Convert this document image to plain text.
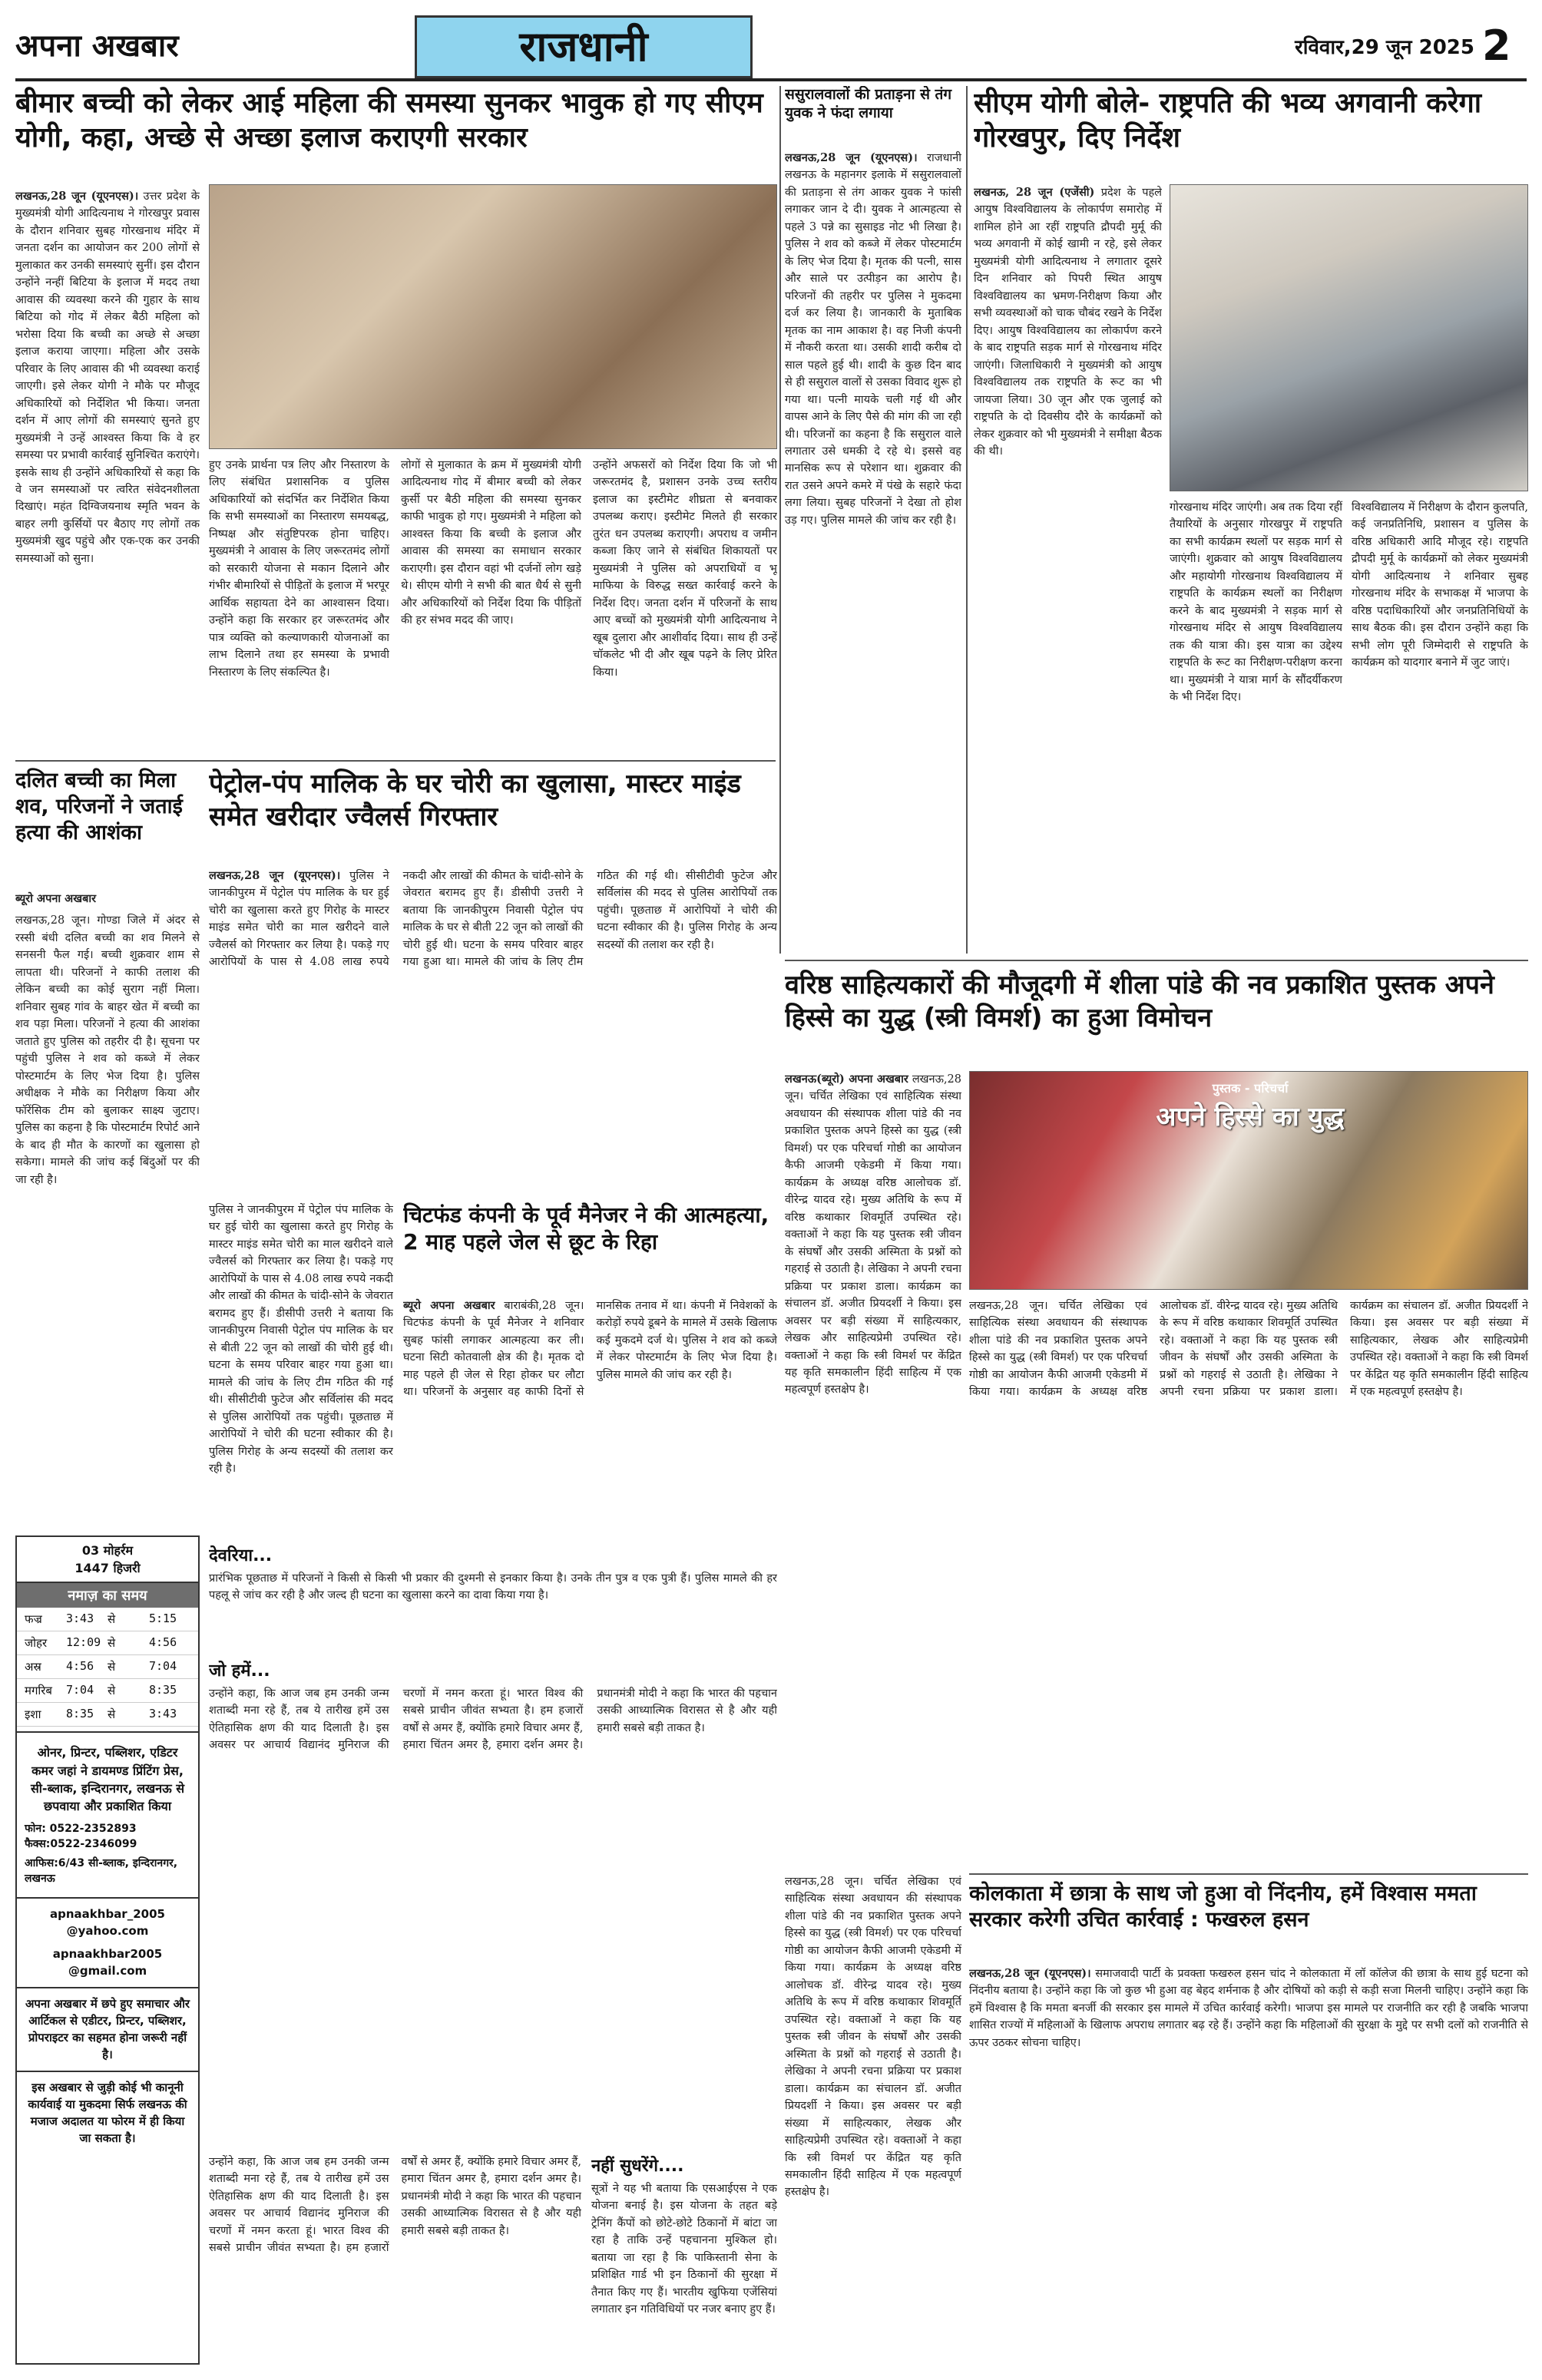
अपना अखबार	राजधानी	रविवार,29 जून 2025 2
बीमार बच्ची को लेकर आई महिला की समस्या सुनकर भावुक हो गए सीएम योगी, कहा, अच्छे से अच्छा इलाज कराएगी सरकार

लखनऊ,28 जून (यूएनएस)। उत्तर प्रदेश के मुख्यमंत्री योगी आदित्यनाथ ने गोरखपुर प्रवास के दौरान शनिवार सुबह गोरखनाथ मंदिर में जनता दर्शन का आयोजन कर 200 लोगों से मुलाकात कर उनकी समस्याएं सुनीं। इस दौरान उन्होंने नन्हीं बिटिया के इलाज में मदद तथा आवास की व्यवस्था करने की गुहार के साथ बिटिया को गोद में लेकर बैठी महिला को भरोसा दिया कि बच्ची का अच्छे से अच्छा इलाज कराया जाएगा। महिला और उसके परिवार के लिए आवास की भी व्यवस्था कराई जाएगी। इसे लेकर योगी ने मौके पर मौजूद अधिकारियों को निर्देशित भी किया। जनता दर्शन में आए लोगों की समस्याएं सुनते हुए मुख्यमंत्री ने उन्हें आश्वस्त किया कि वे हर समस्या पर प्रभावी कार्रवाई सुनिश्चित कराएंगे। इसके साथ ही उन्होंने अधिकारियों से कहा कि वे जन समस्याओं पर त्वरित संवेदनशीलता दिखाएं। महंत दिग्विजयनाथ स्मृति भवन के बाहर लगी कुर्सियों पर बैठाए गए लोगों तक मुख्यमंत्री खुद पहुंचे और एक-एक कर उनकी समस्याओं को सुना।

हुए उनके प्रार्थना पत्र लिए और निस्तारण के लिए संबंधित प्रशासनिक व पुलिस अधिकारियों को संदर्भित कर निर्देशित किया कि सभी समस्याओं का निस्तारण समयबद्ध, निष्पक्ष और संतुष्टिपरक होना चाहिए। मुख्यमंत्री ने आवास के लिए जरूरतमंद लोगों को सरकारी योजना से मकान दिलाने और गंभीर बीमारियों से पीड़ितों के इलाज में भरपूर आर्थिक सहायता देने का आश्वासन दिया। उन्होंने कहा कि सरकार हर जरूरतमंद और पात्र व्यक्ति को कल्याणकारी योजनाओं का लाभ दिलाने तथा हर समस्या के प्रभावी निस्तारण के लिए संकल्पित है।
लोगों से मुलाकात के क्रम में मुख्यमंत्री योगी आदित्यनाथ गोद में बीमार बच्ची को लेकर कुर्सी पर बैठी महिला की समस्या सुनकर काफी भावुक हो गए। मुख्यमंत्री ने महिला को आश्वस्त किया कि बच्ची के इलाज और आवास की समस्या का समाधान सरकार कराएगी। इस दौरान वहां भी दर्जनों लोग खड़े थे। सीएम योगी ने सभी की बात धैर्य से सुनी और अधिकारियों को निर्देश दिया कि पीड़ितों की हर संभव मदद की जाए।
उन्होंने अफसरों को निर्देश दिया कि जो भी जरूरतमंद है, प्रशासन उनके उच्च स्तरीय इलाज का इस्टीमेट शीघ्रता से बनवाकर उपलब्ध कराए। इस्टीमेट मिलते ही सरकार तुरंत धन उपलब्ध कराएगी। अपराध व जमीन कब्जा किए जाने से संबंधित शिकायतों पर मुख्यमंत्री ने पुलिस को अपराधियों व भू माफिया के विरुद्ध सख्त कार्रवाई करने के निर्देश दिए। जनता दर्शन में परिजनों के साथ आए बच्चों को मुख्यमंत्री योगी आदित्यनाथ ने खूब दुलारा और आशीर्वाद दिया। साथ ही उन्हें चॉकलेट भी दी और खूब पढ़ने के लिए प्रेरित किया।
ससुरालवालों की प्रताड़ना से तंग युवक ने फंदा लगाया

लखनऊ,28 जून (यूएनएस)। राजधानी लखनऊ के महानगर इलाके में ससुरालवालों की प्रताड़ना से तंग आकर युवक ने फांसी लगाकर जान दे दी। युवक ने आत्महत्या से पहले 3 पन्ने का सुसाइड नोट भी लिखा है। पुलिस ने शव को कब्जे में लेकर पोस्टमार्टम के लिए भेज दिया है। मृतक की पत्नी, सास और साले पर उत्पीड़न का आरोप है। परिजनों की तहरीर पर पुलिस ने मुकदमा दर्ज कर लिया है। जानकारी के मुताबिक मृतक का नाम आकाश है। वह निजी कंपनी में नौकरी करता था। उसकी शादी करीब दो साल पहले हुई थी। शादी के कुछ दिन बाद से ही ससुराल वालों से उसका विवाद शुरू हो गया था। पत्नी मायके चली गई थी और वापस आने के लिए पैसे की मांग की जा रही थी। परिजनों का कहना है कि ससुराल वाले लगातार उसे धमकी दे रहे थे। इससे वह मानसिक रूप से परेशान था। शुक्रवार की रात उसने अपने कमरे में पंखे के सहारे फंदा लगा लिया। सुबह परिजनों ने देखा तो होश उड़ गए। पुलिस मामले की जांच कर रही है।

सीएम योगी बोले- राष्ट्रपति की भव्य अगवानी करेगा गोरखपुर, दिए निर्देश

लखनऊ, 28 जून (एजेंसी) प्रदेश के पहले आयुष विश्वविद्यालय के लोकार्पण समारोह में शामिल होने आ रहीं राष्ट्रपति द्रौपदी मुर्मू की भव्य अगवानी में कोई खामी न रहे, इसे लेकर मुख्यमंत्री योगी आदित्यनाथ ने लगातार दूसरे दिन शनिवार को पिपरी स्थित आयुष विश्वविद्यालय का भ्रमण-निरीक्षण किया और सभी व्यवस्थाओं को चाक चौबंद रखने के निर्देश दिए। आयुष विश्वविद्यालय का लोकार्पण करने के बाद राष्ट्रपति सड़क मार्ग से गोरखनाथ मंदिर जाएंगी। जिलाधिकारी ने मुख्यमंत्री को आयुष विश्वविद्यालय तक राष्ट्रपति के रूट का भी जायजा लिया। 30 जून और एक जुलाई को राष्ट्रपति के दो दिवसीय दौरे के कार्यक्रमों को लेकर शुक्रवार को भी मुख्यमंत्री ने समीक्षा बैठक की थी।

गोरखनाथ मंदिर जाएंगी। अब तक दिया रहीं तैयारियों के अनुसार गोरखपुर में राष्ट्रपति का सभी कार्यक्रम स्थलों पर सड़क मार्ग से जाएंगी। शुक्रवार को आयुष विश्वविद्यालय और महायोगी गोरखनाथ विश्वविद्यालय में राष्ट्रपति के कार्यक्रम स्थलों का निरीक्षण करने के बाद मुख्यमंत्री ने सड़क मार्ग से गोरखनाथ मंदिर से आयुष विश्वविद्यालय तक की यात्रा की। इस यात्रा का उद्देश्य राष्ट्रपति के रूट का निरीक्षण-परीक्षण करना था। मुख्यमंत्री ने यात्रा मार्ग के सौंदर्यीकरण के भी निर्देश दिए।
विश्वविद्यालय में निरीक्षण के दौरान कुलपति, कई जनप्रतिनिधि, प्रशासन व पुलिस के वरिष्ठ अधिकारी आदि मौजूद रहे। राष्ट्रपति द्रौपदी मुर्मू के कार्यक्रमों को लेकर मुख्यमंत्री योगी आदित्यनाथ ने शनिवार सुबह गोरखनाथ मंदिर के सभाकक्ष में भाजपा के वरिष्ठ पदाधिकारियों और जनप्रतिनिधियों के साथ बैठक की। इस दौरान उन्होंने कहा कि सभी लोग पूरी जिम्मेदारी से राष्ट्रपति के कार्यक्रम को यादगार बनाने में जुट जाएं।
दलित बच्ची का मिला शव, परिजनों ने जताई हत्या की आशंका

ब्यूरो अपना अखबार

लखनऊ,28 जून। गोण्डा जिले में अंदर से रस्सी बंधी दलित बच्ची का शव मिलने से सनसनी फैल गई। बच्ची शुक्रवार शाम से लापता थी। परिजनों ने काफी तलाश की लेकिन बच्ची का कोई सुराग नहीं मिला। शनिवार सुबह गांव के बाहर खेत में बच्ची का शव पड़ा मिला। परिजनों ने हत्या की आशंका जताते हुए पुलिस को तहरीर दी है। सूचना पर पहुंची पुलिस ने शव को कब्जे में लेकर पोस्टमार्टम के लिए भेज दिया है। पुलिस अधीक्षक ने मौके का निरीक्षण किया और फॉरेंसिक टीम को बुलाकर साक्ष्य जुटाए। पुलिस का कहना है कि पोस्टमार्टम रिपोर्ट आने के बाद ही मौत के कारणों का खुलासा हो सकेगा। मामले की जांच कई बिंदुओं पर की जा रही है।

पेट्रोल-पंप मालिक के घर चोरी का खुलासा, मास्टर माइंड समेत खरीदार ज्वैलर्स गिरफ्तार

लखनऊ,28 जून (यूएनएस)। पुलिस ने जानकीपुरम में पेट्रोल पंप मालिक के घर हुई चोरी का खुलासा करते हुए गिरोह के मास्टर माइंड समेत चोरी का माल खरीदने वाले ज्वैलर्स को गिरफ्तार कर लिया है। पकड़े गए आरोपियों के पास से 4.08 लाख रुपये नकदी और लाखों की कीमत के चांदी-सोने के जेवरात बरामद हुए हैं। डीसीपी उत्तरी ने बताया कि जानकीपुरम निवासी पेट्रोल पंप मालिक के घर से बीती 22 जून को लाखों की चोरी हुई थी। घटना के समय परिवार बाहर गया हुआ था। मामले की जांच के लिए टीम गठित की गई थी। सीसीटीवी फुटेज और सर्विलांस की मदद से पुलिस आरोपियों तक पहुंची। पूछताछ में आरोपियों ने चोरी की घटना स्वीकार की है। पुलिस गिरोह के अन्य सदस्यों की तलाश कर रही है।

चिटफंड कंपनी के पूर्व मैनेजर ने की आत्महत्या, 2 माह पहले जेल से छूट के रिहा

पुलिस ने जानकीपुरम में पेट्रोल पंप मालिक के घर हुई चोरी का खुलासा करते हुए गिरोह के मास्टर माइंड समेत चोरी का माल खरीदने वाले ज्वैलर्स को गिरफ्तार कर लिया है। पकड़े गए आरोपियों के पास से 4.08 लाख रुपये नकदी और लाखों की कीमत के चांदी-सोने के जेवरात बरामद हुए हैं। डीसीपी उत्तरी ने बताया कि जानकीपुरम निवासी पेट्रोल पंप मालिक के घर से बीती 22 जून को लाखों की चोरी हुई थी। घटना के समय परिवार बाहर गया हुआ था। मामले की जांच के लिए टीम गठित की गई थी। सीसीटीवी फुटेज और सर्विलांस की मदद से पुलिस आरोपियों तक पहुंची। पूछताछ में आरोपियों ने चोरी की घटना स्वीकार की है। पुलिस गिरोह के अन्य सदस्यों की तलाश कर रही है।

ब्यूरो अपना अखबार बाराबंकी,28 जून। चिटफंड कंपनी के पूर्व मैनेजर ने शनिवार सुबह फांसी लगाकर आत्महत्या कर ली। घटना सिटी कोतवाली क्षेत्र की है। मृतक दो माह पहले ही जेल से रिहा होकर घर लौटा था। परिजनों के अनुसार वह काफी दिनों से मानसिक तनाव में था। कंपनी में निवेशकों के करोड़ों रुपये डूबने के मामले में उसके खिलाफ कई मुकदमे दर्ज थे। पुलिस ने शव को कब्जे में लेकर पोस्टमार्टम के लिए भेज दिया है। पुलिस मामले की जांच कर रही है।

03 मोहर्रम
1447 हिजरी
नमाज़ का समय
फज्र	3:43	से	5:15
जोहर	12:09 से	4:56
अस्र	4:56	से	7:04
मगरिब	7:04	से	8:35
इशा	8:35	से	3:43
ओनर, प्रिन्टर, पब्लिशर, एडिटर कमर जहां ने डायमण्ड प्रिंटिंग प्रेस, सी-ब्लाक, इन्दिरानगर, लखनऊ से छपवाया और प्रकाशित किया
फोन: 0522-2352893
फैक्स:0522-2346099
आफिस:6/43 सी-ब्लाक, इन्दिरानगर, लखनऊ
apnaakhbar_2005 @yahoo.com
apnaakhbar2005 @gmail.com
अपना अखबार में छपे हुए समाचार और आर्टिकल से एडीटर, प्रिन्टर, पब्लिशर, प्रोपराइटर का सहमत होना जरूरी नहीं है।
इस अखबार से जुड़ी कोई भी कानूनी कार्यवाई या मुकदमा सिर्फ लखनऊ की मजाज अदालत या फोरम में ही किया जा सकता है।
देवरिया...
प्रारंभिक पूछताछ में परिजनों ने किसी से किसी भी प्रकार की दुश्मनी से इनकार किया है। उनके तीन पुत्र व एक पुत्री हैं। पुलिस मामले की हर पहलू से जांच कर रही है और जल्द ही घटना का खुलासा करने का दावा किया गया है।
जो हमें...
उन्होंने कहा, कि आज जब हम उनकी जन्म शताब्दी मना रहे हैं, तब ये तारीख हमें उस ऐतिहासिक क्षण की याद दिलाती है। इस अवसर पर आचार्य विद्यानंद मुनिराज की चरणों में नमन करता हूं। भारत विश्व की सबसे प्राचीन जीवंत सभ्यता है। हम हजारों वर्षों से अमर हैं, क्योंकि हमारे विचार अमर हैं, हमारा चिंतन अमर है, हमारा दर्शन अमर है। प्रधानमंत्री मोदी ने कहा कि भारत की पहचान उसकी आध्यात्मिक विरासत से है और यही हमारी सबसे बड़ी ताकत है।
नहीं सुधरेंगे....
सूत्रों ने यह भी बताया कि एसआईएस ने एक योजना बनाई है। इस योजना के तहत बड़े ट्रेनिंग कैंपों को छोटे-छोटे ठिकानों में बांटा जा रहा है ताकि उन्हें पहचानना मुश्किल हो। बताया जा रहा है कि पाकिस्तानी सेना के प्रशिक्षित गार्ड भी इन ठिकानों की सुरक्षा में तैनात किए गए हैं। भारतीय खुफिया एजेंसियां लगातार इन गतिविधियों पर नजर बनाए हुए हैं।
उन्होंने कहा, कि आज जब हम उनकी जन्म शताब्दी मना रहे हैं, तब ये तारीख हमें उस ऐतिहासिक क्षण की याद दिलाती है। इस अवसर पर आचार्य विद्यानंद मुनिराज की चरणों में नमन करता हूं। भारत विश्व की सबसे प्राचीन जीवंत सभ्यता है। हम हजारों वर्षों से अमर हैं, क्योंकि हमारे विचार अमर हैं, हमारा चिंतन अमर है, हमारा दर्शन अमर है। प्रधानमंत्री मोदी ने कहा कि भारत की पहचान उसकी आध्यात्मिक विरासत से है और यही हमारी सबसे बड़ी ताकत है।
वरिष्ठ साहित्यकारों की मौजूदगी में शीला पांडे की नव प्रकाशित पुस्तक अपने हिस्से का युद्ध (स्त्री विमर्श) का हुआ विमोचन

लखनऊ(ब्यूरो) अपना अखबार लखनऊ,28 जून। चर्चित लेखिका एवं साहित्यिक संस्था अवधायन की संस्थापक शीला पांडे की नव प्रकाशित पुस्तक अपने हिस्से का युद्ध (स्त्री विमर्श) पर एक परिचर्चा गोष्ठी का आयोजन कैफी आजमी एकेडमी में किया गया। कार्यक्रम के अध्यक्ष वरिष्ठ आलोचक डॉ. वीरेन्द्र यादव रहे। मुख्य अतिथि के रूप में वरिष्ठ कथाकार शिवमूर्ति उपस्थित रहे। वक्ताओं ने कहा कि यह पुस्तक स्त्री जीवन के संघर्षों और उसकी अस्मिता के प्रश्नों को गहराई से उठाती है। लेखिका ने अपनी रचना प्रक्रिया पर प्रकाश डाला। कार्यक्रम का संचालन डॉ. अजीत प्रियदर्शी ने किया। इस अवसर पर बड़ी संख्या में साहित्यकार, लेखक और साहित्यप्रेमी उपस्थित रहे। वक्ताओं ने कहा कि स्त्री विमर्श पर केंद्रित यह कृति समकालीन हिंदी साहित्य में एक महत्वपूर्ण हस्तक्षेप है।

पुस्तक - परिचर्चा
अपने हिस्से का युद्ध
लखनऊ,28 जून। चर्चित लेखिका एवं साहित्यिक संस्था अवधायन की संस्थापक शीला पांडे की नव प्रकाशित पुस्तक अपने हिस्से का युद्ध (स्त्री विमर्श) पर एक परिचर्चा गोष्ठी का आयोजन कैफी आजमी एकेडमी में किया गया। कार्यक्रम के अध्यक्ष वरिष्ठ आलोचक डॉ. वीरेन्द्र यादव रहे। मुख्य अतिथि के रूप में वरिष्ठ कथाकार शिवमूर्ति उपस्थित रहे। वक्ताओं ने कहा कि यह पुस्तक स्त्री जीवन के संघर्षों और उसकी अस्मिता के प्रश्नों को गहराई से उठाती है। लेखिका ने अपनी रचना प्रक्रिया पर प्रकाश डाला। कार्यक्रम का संचालन डॉ. अजीत प्रियदर्शी ने किया। इस अवसर पर बड़ी संख्या में साहित्यकार, लेखक और साहित्यप्रेमी उपस्थित रहे। वक्ताओं ने कहा कि स्त्री विमर्श पर केंद्रित यह कृति समकालीन हिंदी साहित्य में एक महत्वपूर्ण हस्तक्षेप है।
कोलकाता में छात्रा के साथ जो हुआ वो निंदनीय, हमें विश्वास ममता सरकार करेगी उचित कार्रवाई : फखरुल हसन

लखनऊ,28 जून (यूएनएस)। समाजवादी पार्टी के प्रवक्ता फखरुल हसन चांद ने कोलकाता में लॉ कॉलेज की छात्रा के साथ हुई घटना को निंदनीय बताया है। उन्होंने कहा कि जो कुछ भी हुआ वह बेहद शर्मनाक है और दोषियों को कड़ी से कड़ी सजा मिलनी चाहिए। उन्होंने कहा कि हमें विश्वास है कि ममता बनर्जी की सरकार इस मामले में उचित कार्रवाई करेगी। भाजपा इस मामले पर राजनीति कर रही है जबकि भाजपा शासित राज्यों में महिलाओं के खिलाफ अपराध लगातार बढ़ रहे हैं। उन्होंने कहा कि महिलाओं की सुरक्षा के मुद्दे पर सभी दलों को राजनीति से ऊपर उठकर सोचना चाहिए।

लखनऊ,28 जून। चर्चित लेखिका एवं साहित्यिक संस्था अवधायन की संस्थापक शीला पांडे की नव प्रकाशित पुस्तक अपने हिस्से का युद्ध (स्त्री विमर्श) पर एक परिचर्चा गोष्ठी का आयोजन कैफी आजमी एकेडमी में किया गया। कार्यक्रम के अध्यक्ष वरिष्ठ आलोचक डॉ. वीरेन्द्र यादव रहे। मुख्य अतिथि के रूप में वरिष्ठ कथाकार शिवमूर्ति उपस्थित रहे। वक्ताओं ने कहा कि यह पुस्तक स्त्री जीवन के संघर्षों और उसकी अस्मिता के प्रश्नों को गहराई से उठाती है। लेखिका ने अपनी रचना प्रक्रिया पर प्रकाश डाला। कार्यक्रम का संचालन डॉ. अजीत प्रियदर्शी ने किया। इस अवसर पर बड़ी संख्या में साहित्यकार, लेखक और साहित्यप्रेमी उपस्थित रहे। वक्ताओं ने कहा कि स्त्री विमर्श पर केंद्रित यह कृति समकालीन हिंदी साहित्य में एक महत्वपूर्ण हस्तक्षेप है।
